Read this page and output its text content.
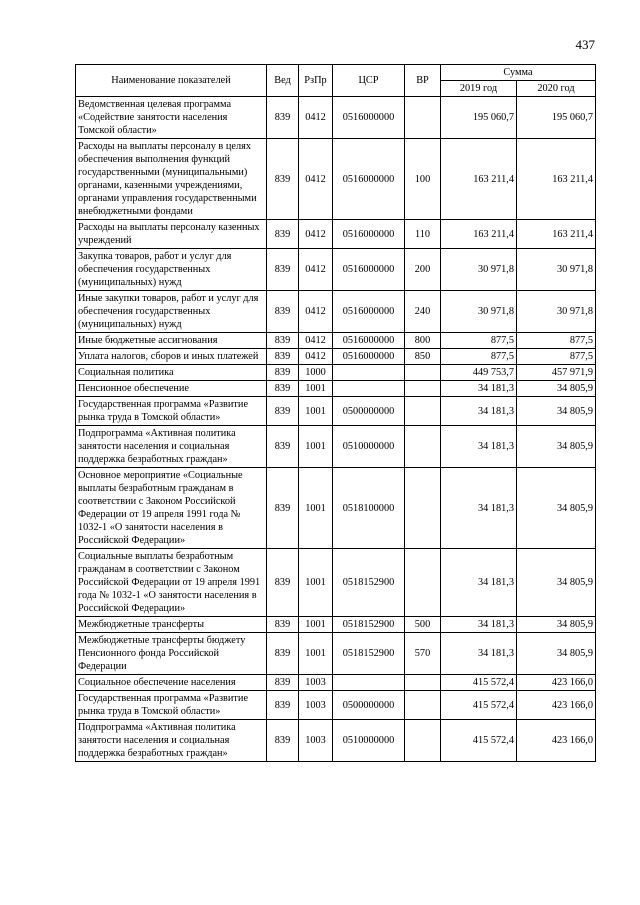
437
Наименование показателей	Вед	РзПр	ЦСР	ВР	Сумма	
					2019 год	2020 год
Ведомственная целевая программа «Содействие занятости населения Томской области»	839	0412	0516000000		195 060,7	195 060,7
Расходы на выплаты персоналу в целях обеспечения выполнения функций государственными (муниципальными) органами, казенными учреждениями, органами управления государственными внебюджетными фондами	839	0412	0516000000	100	163 211,4	163 211,4
Расходы на выплаты персоналу казенных учреждений	839	0412	0516000000	110	163 211,4	163 211,4
Закупка товаров, работ и услуг для обеспечения государственных (муниципальных) нужд	839	0412	0516000000	200	30 971,8	30 971,8
Иные закупки товаров, работ и услуг для обеспечения государственных (муниципальных) нужд	839	0412	0516000000	240	30 971,8	30 971,8
Иные бюджетные ассигнования	839	0412	0516000000	800	877,5	877,5
Уплата налогов, сборов и иных платежей	839	0412	0516000000	850	877,5	877,5
Социальная политика	839	1000			449 753,7	457 971,9
Пенсионное обеспечение	839	1001			34 181,3	34 805,9
Государственная программа «Развитие рынка труда в Томской области»	839	1001	0500000000		34 181,3	34 805,9
Подпрограмма «Активная политика занятости населения и социальная поддержка безработных граждан»	839	1001	0510000000		34 181,3	34 805,9
Основное мероприятие «Социальные выплаты безработным гражданам в соответствии с Законом Российской Федерации от 19 апреля 1991 года № 1032-1 «О занятости населения в Российской Федерации»	839	1001	0518100000		34 181,3	34 805,9
Социальные выплаты безработным гражданам в соответствии с Законом Российской Федерации от 19 апреля 1991 года № 1032-1 «О занятости населения в Российской Федерации»	839	1001	0518152900		34 181,3	34 805,9
Межбюджетные трансферты	839	1001	0518152900	500	34 181,3	34 805,9
Межбюджетные трансферты бюджету Пенсионного фонда Российской Федерации	839	1001	0518152900	570	34 181,3	34 805,9
Социальное обеспечение населения	839	1003			415 572,4	423 166,0
Государственная программа «Развитие рынка труда в Томской области»	839	1003	0500000000		415 572,4	423 166,0
Подпрограмма «Активная политика занятости населения и социальная поддержка безработных граждан»	839	1003	0510000000		415 572,4	423 166,0
